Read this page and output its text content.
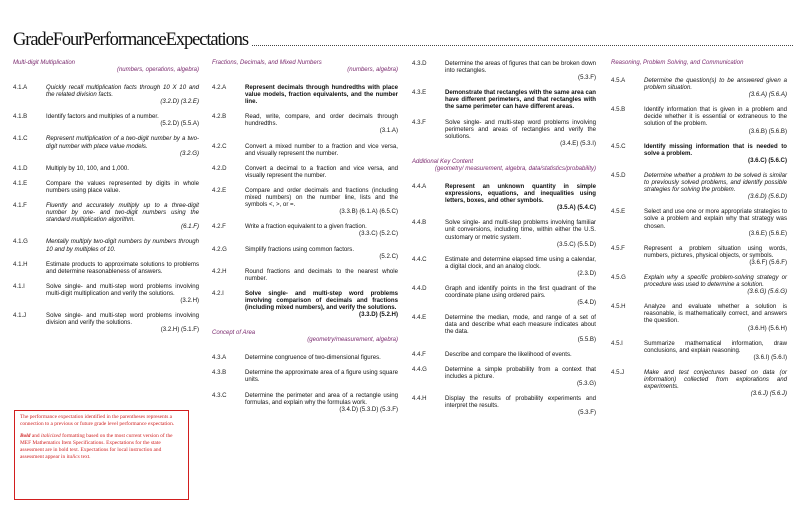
GradeFourPerformanceExpectations
Multi-digit Multiplication
(numbers, operations, algebra)
4.1.A	Quickly recall multiplication facts through 10 X 10 and the related division facts.
(3.2.D) (3.2.E)
4.1.B	Identify factors and multiples of a number.
(5.2.D) (5.5.A)
4.1.C	Represent multiplication of a two-digit number by a two-digit number with place value models.
(3.2.G)
4.1.D	Multiply by 10, 100, and 1,000.
4.1.E	Compare the values represented by digits in whole numbers using place value.
4.1.F	Fluently and accurately multiply up to a three-digit number by one- and two-digit numbers using the standard multiplication algorithm.
(6.1.F)
4.1.G	Mentally multiply two-digit numbers by numbers through 10 and by multiples of 10.
4.1.H	Estimate products to approximate solutions to problems and determine reasonableness of answers.
4.1.I	Solve single- and multi-step word problems involving multi-digit multiplication and verify the solutions.
(3.2.H)
4.1.J	Solve single- and multi-step word problems involving division and verify the solutions.
(3.2.H) (5.1.F)
Fractions, Decimals, and Mixed Numbers
(numbers, algebra)
4.2.A	Represent decimals through hundredths with place value models, fraction equivalents, and the number line.
4.2.B	Read, write, compare, and order decimals through hundredths.
(3.1.A)
4.2.C	Convert a mixed number to a fraction and vice versa, and visually represent the number.
4.2.D	Convert a decimal to a fraction and vice versa, and visually represent the number.
4.2.E	Compare and order decimals and fractions (including mixed numbers) on the number line, lists and the symbols <, >, or =.
(3.3.B) (6.1.A) (6.5.C)
4.2.F	Write a fraction equivalent to a given fraction.
(3.3.C) (5.2.C)
4.2.G	Simplify fractions using common factors.
(5.2.C)
4.2.H	Round fractions and decimals to the nearest whole number.
4.2.I	Solve single- and multi-step word problems involving comparison of decimals and fractions (including mixed numbers), and verify the solutions.
(3.3.D) (5.2.H)
Concept of Area
(geometry/measurement, algebra)
4.3.A	Determine congruence of two-dimensional figures.
4.3.B	Determine the approximate area of a figure using square units.
4.3.C	Determine the perimeter and area of a rectangle using formulas, and explain why the formulas work.
(3.4.D) (5.3.D) (5.3.F)
4.3.D	Determine the areas of figures that can be broken down into rectangles.
(5.3.F)
4.3.E	Demonstrate that rectangles with the same area can have different perimeters, and that rectangles with the same perimeter can have different areas.
4.3.F	Solve single- and multi-step word problems involving perimeters and areas of rectangles and verify the solutions.
(3.4.E) (5.3.I)
Additional Key Content
(geometry/ measurement, algebra, data/statistics/probability)
4.4.A	Represent an unknown quantity in simple expressions, equations, and inequalities using letters, boxes, and other symbols.
(3.5.A) (5.4.C)
4.4.B	Solve single- and multi-step problems involving familiar unit conversions, including time, within either the U.S. customary or metric system.
(3.5.C) (5.5.D)
4.4.C	Estimate and determine elapsed time using a calendar, a digital clock, and an analog clock.
(2.3.D)
4.4.D	Graph and identify points in the first quadrant of the coordinate plane using ordered pairs.
(5.4.D)
4.4.E	Determine the median, mode, and range of a set of data and describe what each measure indicates about the data.
(5.5.B)
4.4.F	Describe and compare the likelihood of events.
4.4.G	Determine a simple probability from a context that includes a picture.
(5.3.G)
4.4.H	Display the results of probability experiments and interpret the results.
(5.3.F)
Reasoning, Problem Solving, and Communication
4.5.A	Determine the question(s) to be answered given a problem situation.
(3.6.A) (5.6.A)
4.5.B	Identify information that is given in a problem and decide whether it is essential or extraneous to the solution of the problem.
(3.6.B) (5.6.B)
4.5.C	Identify missing information that is needed to solve a problem.
(3.6.C) (5.6.C)
4.5.D	Determine whether a problem to be solved is similar to previously solved problems, and identify possible strategies for solving the problem.
(3.6.D) (5.6.D)
4.5.E	Select and use one or more appropriate strategies to solve a problem and explain why that strategy was chosen.
(3.6.E) (5.6.E)
4.5.F	Represent a problem situation using words, numbers, pictures, physical objects, or symbols.
(3.6.F) (5.6.F)
4.5.G	Explain why a specific problem-solving strategy or procedure was used to determine a solution.
(3.6.G) (5.6.G)
4.5.H	Analyze and evaluate whether a solution is reasonable, is mathematically correct, and answers the question.
(3.6.H) (5.6.H)
4.5.I	Summarize mathematical information, draw conclusions, and explain reasoning.
(3.6.I) (5.6.I)
4.5.J	Make and test conjectures based on data (or information) collected from explorations and experiments.
(3.6.J) (5.6.J)

The performance expectation identified in the parentheses represents a connection to a previous or future grade level performance expectation.

Bold and italicized formatting based on the most current version of the MEF Mathematics Item Specifications. Expectations for the state assessment are in bold text. Expectations for local instruction and assessment appear in italics text.
